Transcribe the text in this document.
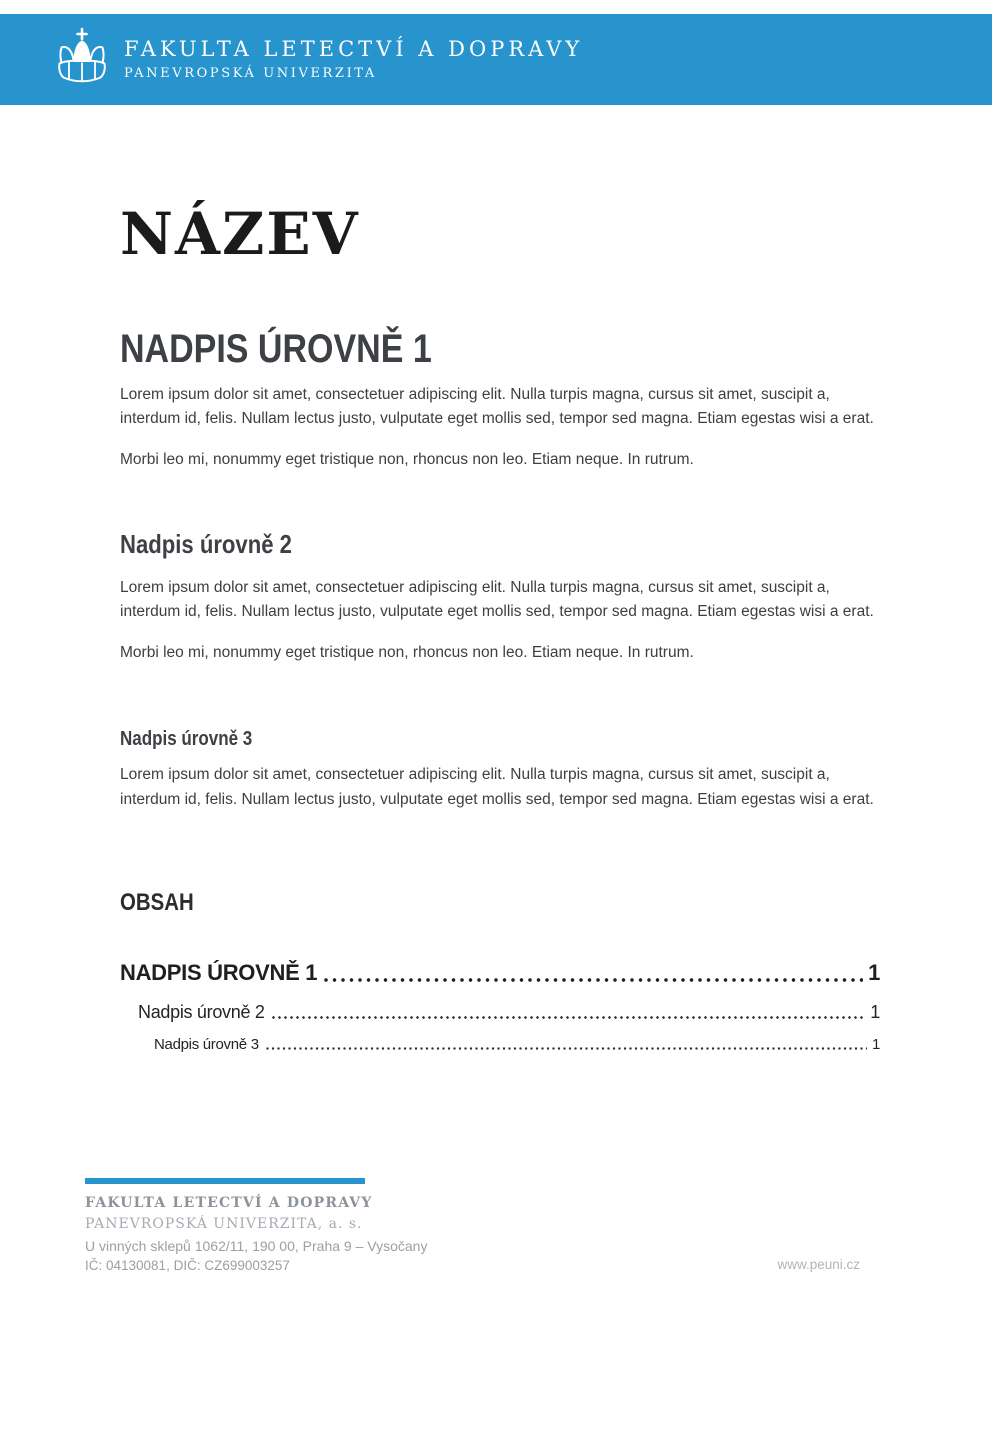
FAKULTA LETECTVÍ A DOPRAVY
PANEVROPSKÁ UNIVERZITA
NÁZEV
NADPIS ÚROVNĚ 1

Lorem ipsum dolor sit amet, consectetuer adipiscing elit. Nulla turpis magna, cursus sit amet, suscipit a, interdum id, felis. Nullam lectus justo, vulputate eget mollis sed, tempor sed magna. Etiam egestas wisi a erat.

Morbi leo mi, nonummy eget tristique non, rhoncus non leo. Etiam neque. In rutrum.

Nadpis úrovně 2

Lorem ipsum dolor sit amet, consectetuer adipiscing elit. Nulla turpis magna, cursus sit amet, suscipit a, interdum id, felis. Nullam lectus justo, vulputate eget mollis sed, tempor sed magna. Etiam egestas wisi a erat.

Morbi leo mi, nonummy eget tristique non, rhoncus non leo. Etiam neque. In rutrum.

Nadpis úrovně 3

Lorem ipsum dolor sit amet, consectetuer adipiscing elit. Nulla turpis magna, cursus sit amet, suscipit a, interdum id, felis. Nullam lectus justo, vulputate eget mollis sed, tempor sed magna. Etiam egestas wisi a erat.

OBSAH
NADPIS ÚROVNĚ 1	1
Nadpis úrovně 2	1
Nadpis úrovně 3	1
FAKULTA LETECTVÍ A DOPRAVY
PANEVROPSKÁ UNIVERZITA, a. s.
U vinných sklepů 1062/11, 190 00, Praha 9 – Vysočany
IČ: 04130081, DIČ: CZ699003257	www.peuni.cz
